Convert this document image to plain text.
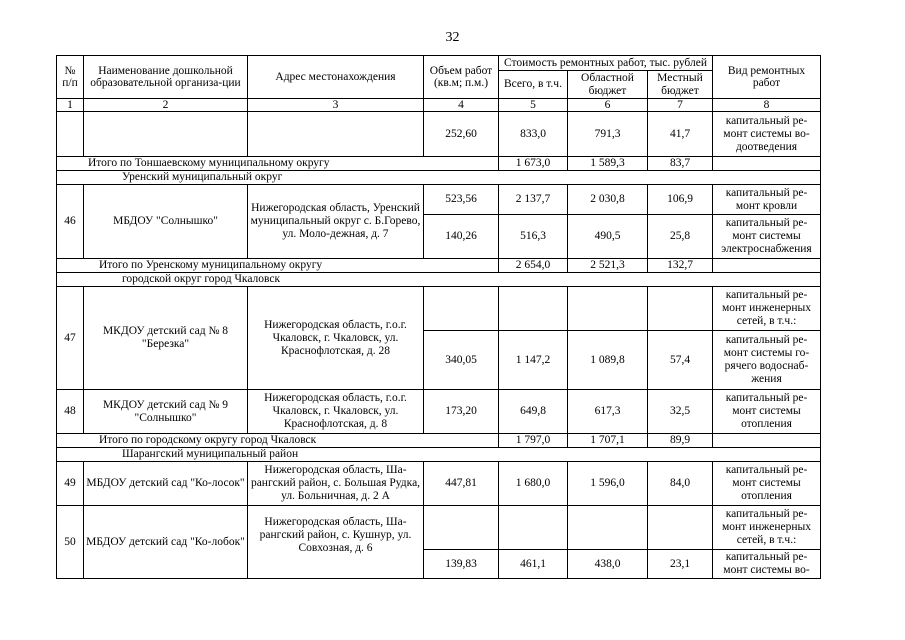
32
№ п/п	Наименование дошкольной образовательной организа-ции	Адрес местонахождения	Объем работ (кв.м; п.м.)	Стоимость ремонтных работ, тыс. рублей			Вид ремонтных работ
				Всего, в т.ч.	Областной бюджет	Местный бюджет	
1	2	3	4	5	6	7	8
			252,60	833,0	791,3	41,7	капитальный ре-монт системы во-доотведения
Итого по Тоншаевскому муниципальному округу				1 673,0	1 589,3	83,7	
Уренский муниципальный округ							
46	МБДОУ "Солнышко"	Нижегородская область, Уренский муниципальный округ с. Б.Горево, ул. Моло-дежная, д. 7	523,56	2 137,7	2 030,8	106,9	капитальный ре-монт кровли
			140,26	516,3	490,5	25,8	капитальный ре-монт системы электроснабжения
Итого по Уренскому муниципальному округу				2 654,0	2 521,3	132,7	
городской округ город Чкаловск							
47	МКДОУ детский сад № 8 "Березка"	Нижегородская область, г.о.г. Чкаловск, г. Чкаловск, ул. Краснофлотская, д. 28					капитальный ре-монт инженерных сетей, в т.ч.:
			340,05	1 147,2	1 089,8	57,4	капитальный ре-монт системы го-рячего водоснаб-жения
48	МКДОУ детский сад № 9 "Солнышко"	Нижегородская область, г.о.г. Чкаловск, г. Чкаловск, ул. Краснофлотская, д. 8	173,20	649,8	617,3	32,5	капитальный ре-монт системы отопления
Итого по городскому округу город Чкаловск				1 797,0	1 707,1	89,9	
Шарангский муниципальный район							
49	МБДОУ детский сад "Ко-лосок"	Нижегородская область, Ша-рангский район, с. Большая Рудка, ул. Больничная, д. 2 А	447,81	1 680,0	1 596,0	84,0	капитальный ре-монт системы отопления
50	МБДОУ детский сад "Ко-лобок"	Нижегородская область, Ша-рангский район, с. Кушнур, ул. Совхозная, д. 6					капитальный ре-монт инженерных сетей, в т.ч.:
			139,83	461,1	438,0	23,1	капитальный ре-монт системы во-
